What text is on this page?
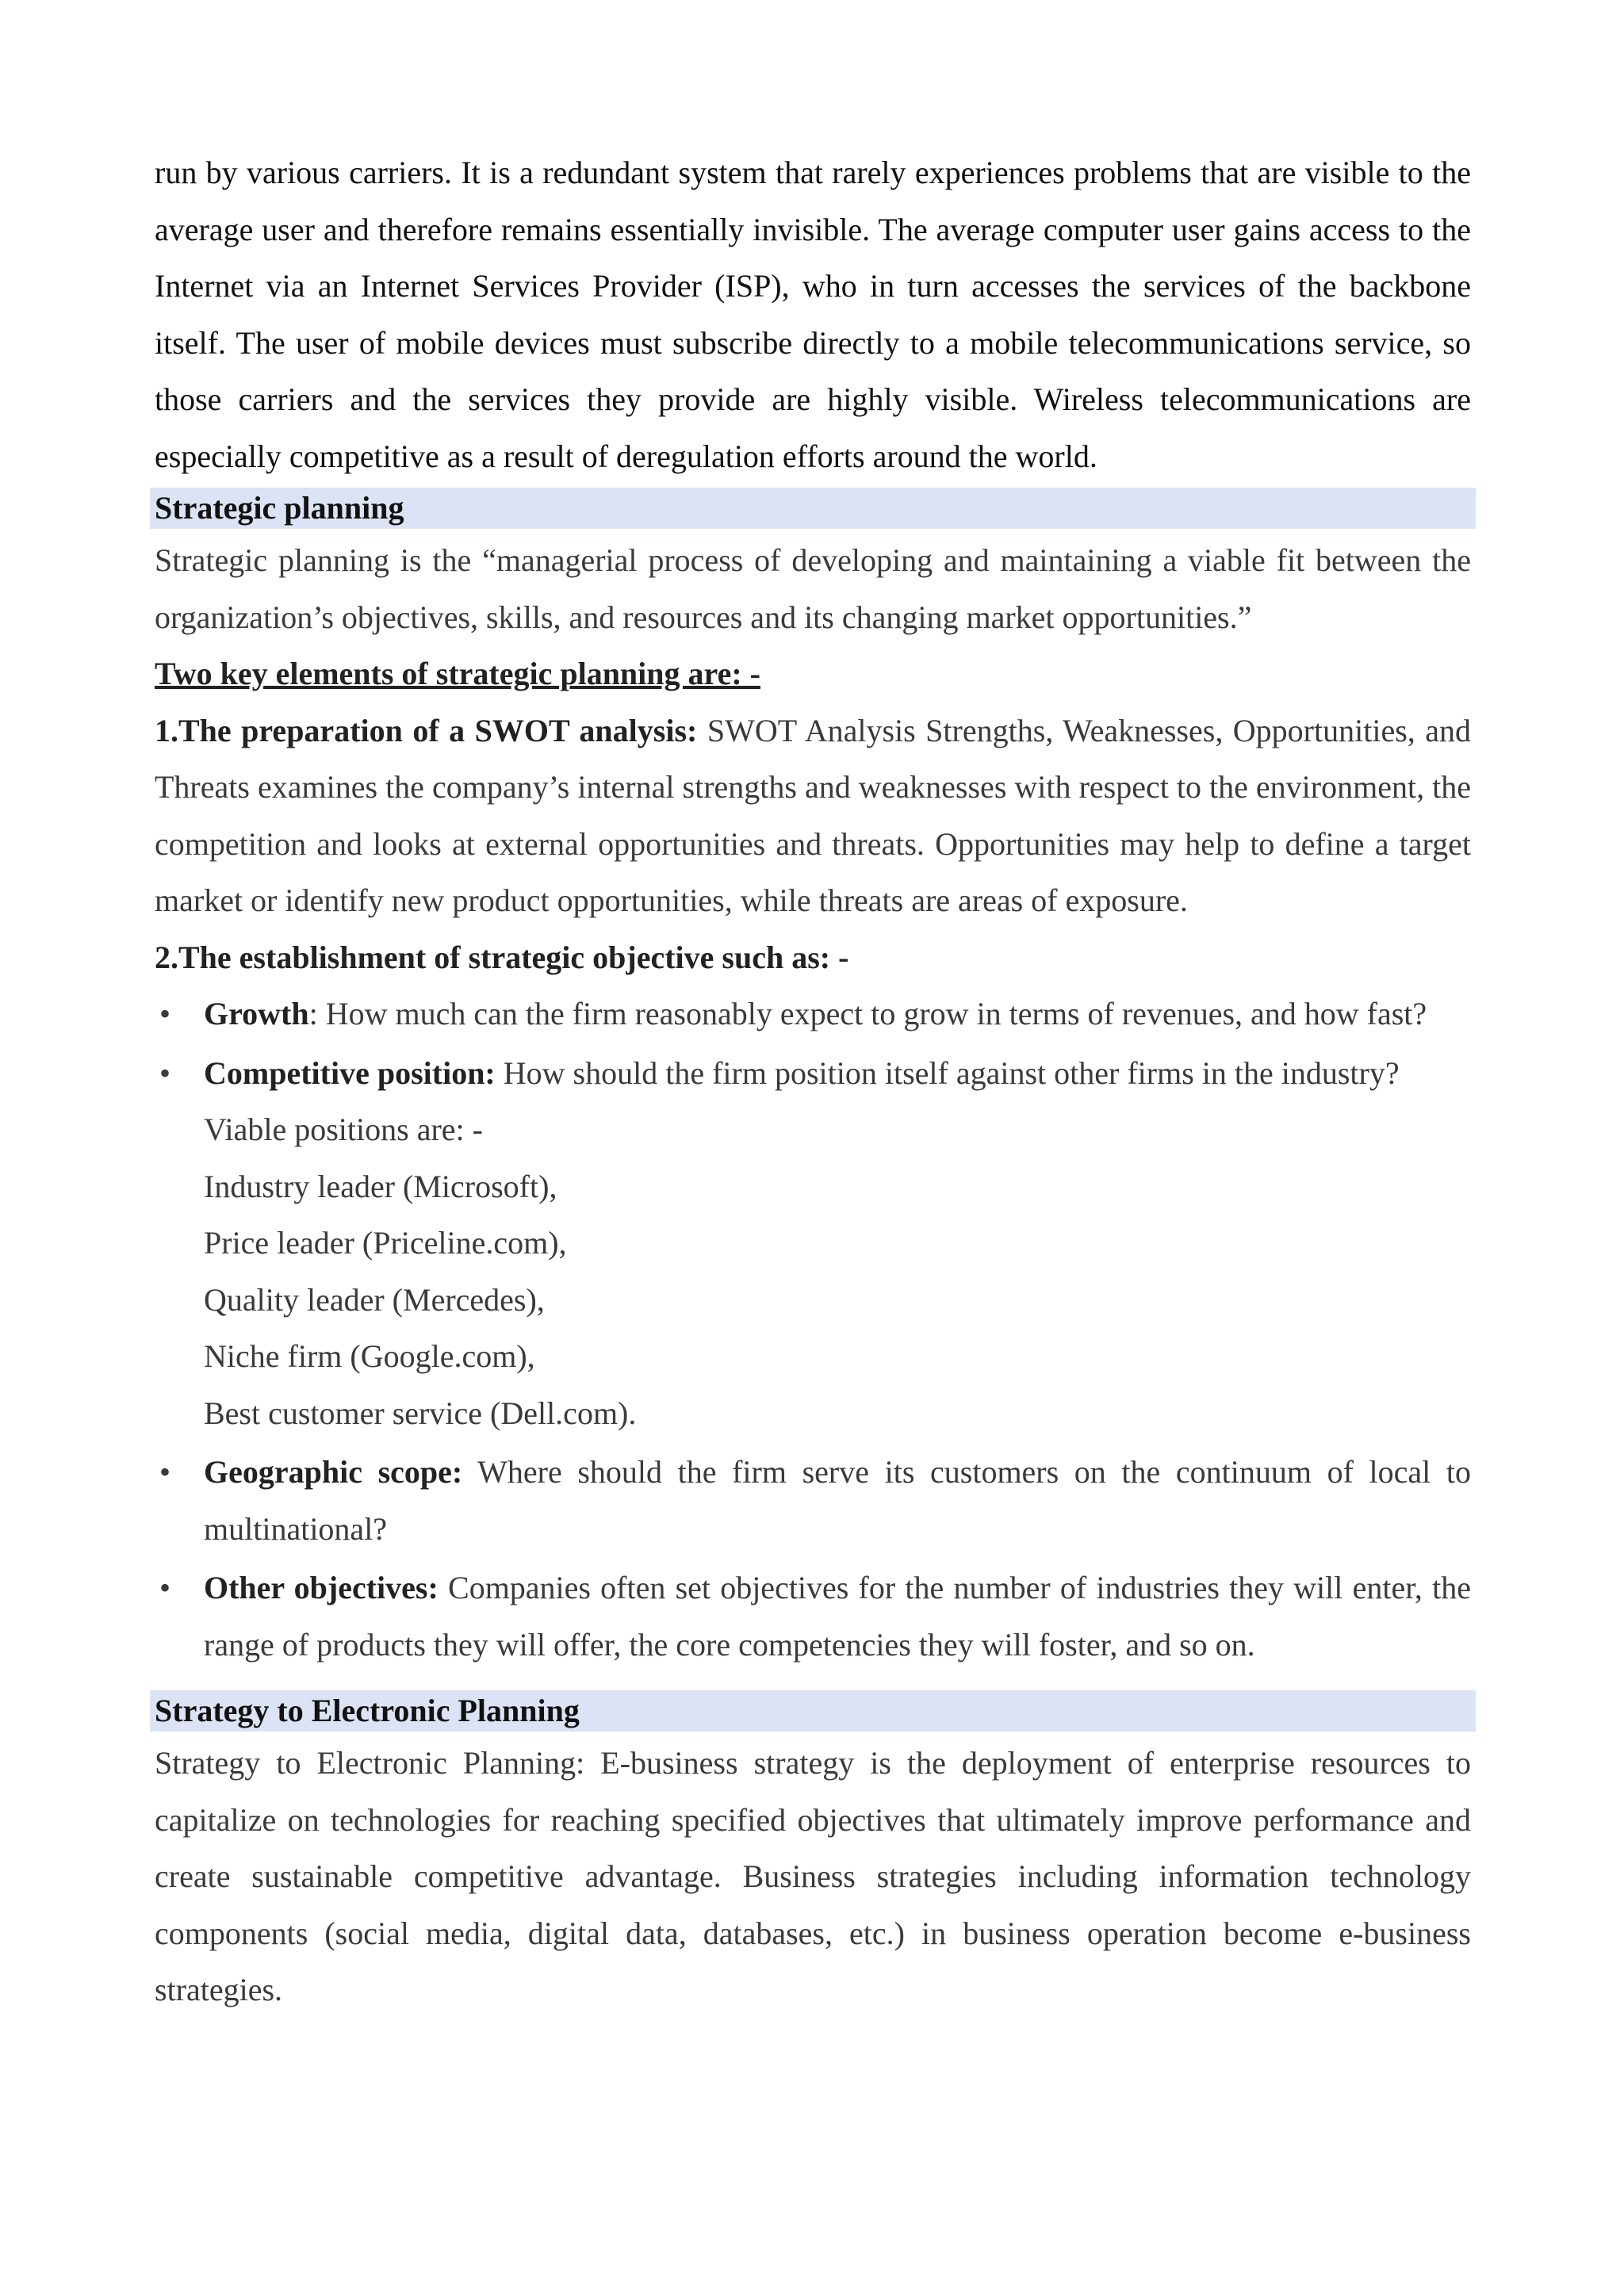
run by various carriers. It is a redundant system that rarely experiences problems that are visible to the average user and therefore remains essentially invisible. The average computer user gains access to the Internet via an Internet Services Provider (ISP), who in turn accesses the services of the backbone itself. The user of mobile devices must subscribe directly to a mobile telecommunications service, so those carriers and the services they provide are highly visible. Wireless telecommunications are especially competitive as a result of deregulation efforts around the world.

Strategic planning

Strategic planning is the “managerial process of developing and maintaining a viable fit between the organization’s objectives, skills, and resources and its changing market opportunities.”

Two key elements of strategic planning are: -

1.The preparation of a SWOT analysis: SWOT Analysis Strengths, Weaknesses, Opportunities, and Threats examines the company’s internal strengths and weaknesses with respect to the environment, the competition and looks at external opportunities and threats. Opportunities may help to define a target market or identify new product opportunities, while threats are areas of exposure.

2.The establishment of strategic objective such as: -

• Growth: How much can the firm reasonably expect to grow in terms of revenues, and how fast?
• Competitive position: How should the firm position itself against other firms in the industry?
Viable positions are: -
Industry leader (Microsoft),
Price leader (Priceline.com),
Quality leader (Mercedes),
Niche firm (Google.com),
Best customer service (Dell.com).
• Geographic scope: Where should the firm serve its customers on the continuum of local to multinational?
• Other objectives: Companies often set objectives for the number of industries they will enter, the range of products they will offer, the core competencies they will foster, and so on.
Strategy to Electronic Planning

Strategy to Electronic Planning: E-business strategy is the deployment of enterprise resources to capitalize on technologies for reaching specified objectives that ultimately improve performance and create sustainable competitive advantage. Business strategies including information technology components (social media, digital data, databases, etc.) in business operation become e-business strategies.
